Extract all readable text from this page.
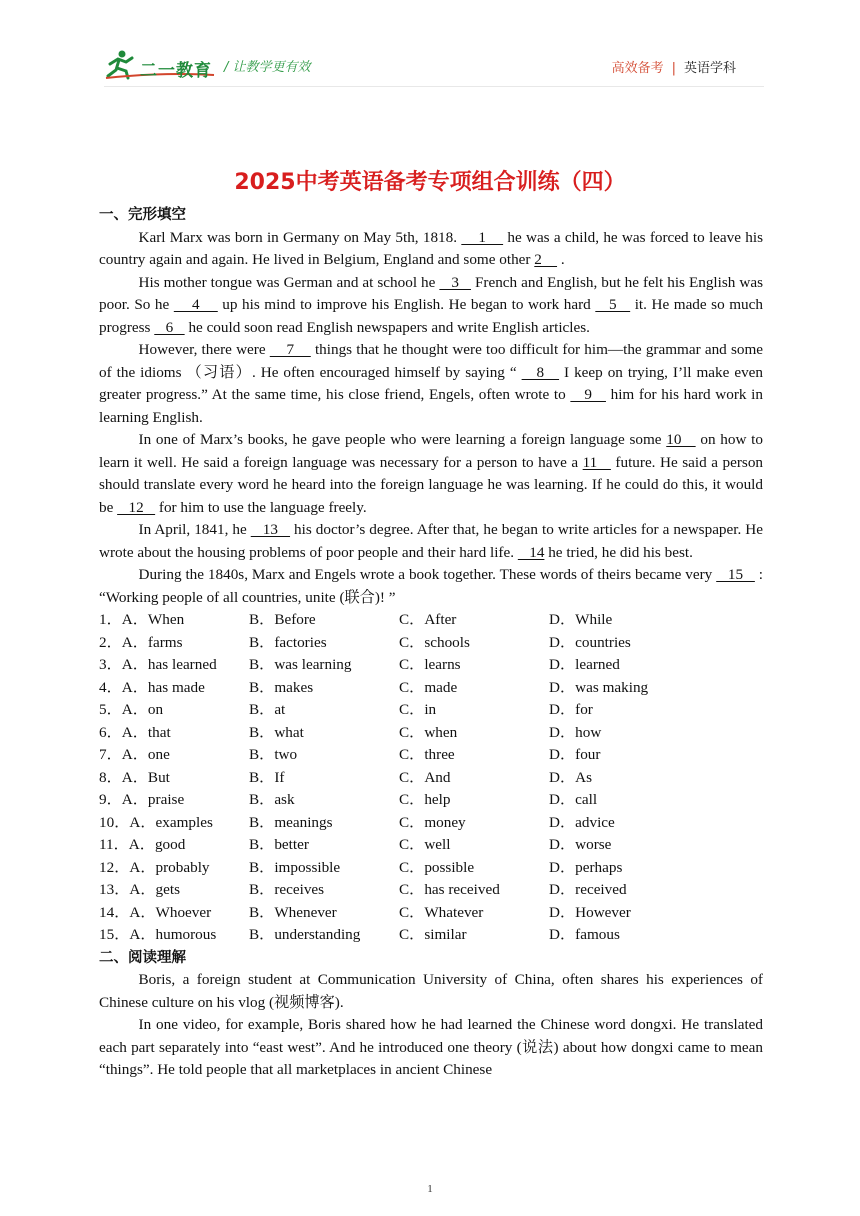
二一教育 / 让教学更有效	高效备考 | 英语学科
2025中考英语备考专项组合训练（四）
一、完形填空

Karl Marx was born in Germany on May 5th, 1818.     1     he was a child, he was forced to leave his country again and again. He lived in Belgium, England and some other 2     .

His mother tongue was German and at school he    3    French and English, but he felt his English was poor. So he     4     up his mind to improve his English. He began to work hard    5    it. He made so much progress    6    he could soon read English newspapers and write English articles.

However, there were     7     things that he thought were too difficult for him—the grammar and some of the idioms （习语）. He often encouraged himself by saying “    8    I keep on trying, I’ll make even greater progress.” At the same time, his close friend, Engels, often wrote to    9    him for his hard work in learning English.

In one of Marx’s books, he gave people who were learning a foreign language some 10    on how to learn it well. He said a foreign language was necessary for a person to have a 11    future. He said a person should translate every word he heard into the foreign language he was learning. If he could do this, it would be    12    for him to use the language freely.

In April, 1841, he    13    his doctor’s degree. After that, he began to write articles for a newspaper. He wrote about the housing problems of poor people and their hard life.    14 he tried, he did his best.

During the 1840s, Marx and Engels wrote a book together. These words of theirs became very    15    : “Working people of all countries, unite (联合)! ”

1．A．When	B．Before	C．After	D．While
2．A．farms	B．factories	C．schools	D．countries
3．A．has learned	B．was learning	C．learns	D．learned
4．A．has made	B．makes	C．made	D．was making
5．A．on	B．at	C．in	D．for
6．A．that	B．what	C．when	D．how
7．A．one	B．two	C．three	D．four
8．A．But	B．If	C．And	D．As
9．A．praise	B．ask	C．help	D．call
10．A．examples	B．meanings	C．money	D．advice
11．A．good	B．better	C．well	D．worse
12．A．probably	B．impossible	C．possible	D．perhaps
13．A．gets	B．receives	C．has received	D．received
14．A．Whoever	B．Whenever	C．Whatever	D．However
15．A．humorous	B．understanding	C．similar	D．famous
二、阅读理解

Boris, a foreign student at Communication University of China, often shares his experiences of Chinese culture on his vlog (视频博客).

In one video, for example, Boris shared how he had learned the Chinese word dongxi. He translated each part separately into “east west”. And he introduced one theory (说法) about how dongxi came to mean “things”. He told people that all marketplaces in ancient Chinese

1
